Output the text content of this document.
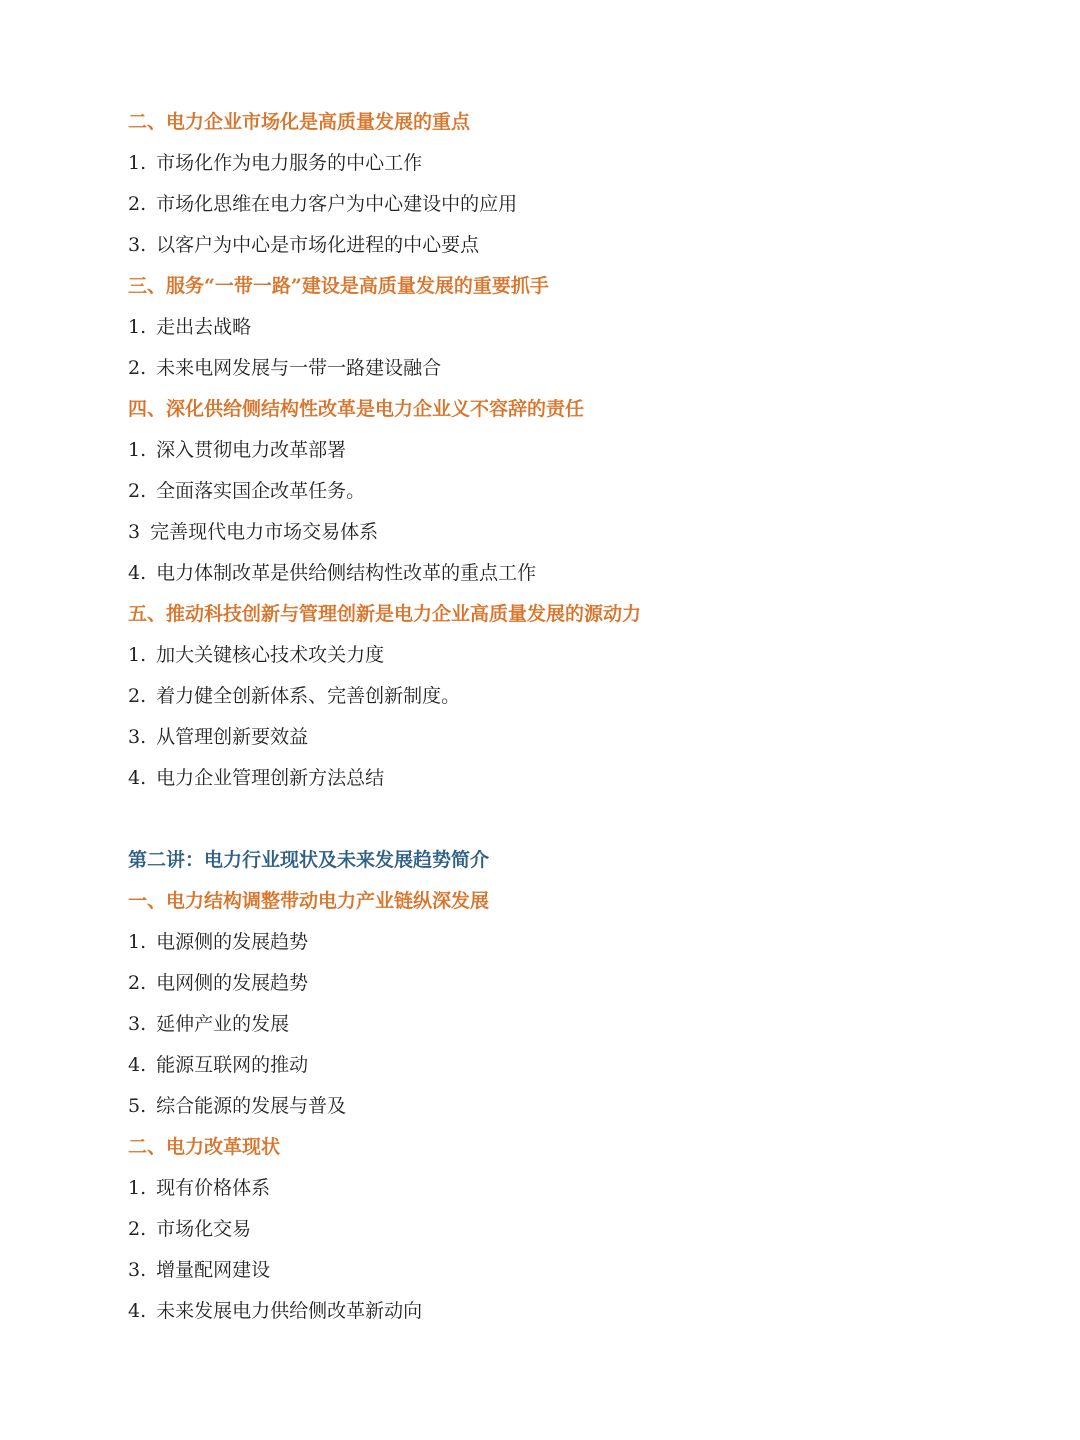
二、电力企业市场化是高质量发展的重点
1. 市场化作为电力服务的中心工作
2. 市场化思维在电力客户为中心建设中的应用
3. 以客户为中心是市场化进程的中心要点
三、服务“一带一路”建设是高质量发展的重要抓手
1. 走出去战略
2. 未来电网发展与一带一路建设融合
四、深化供给侧结构性改革是电力企业义不容辞的责任
1. 深入贯彻电力改革部署
2. 全面落实国企改革任务。
3 完善现代电力市场交易体系
4. 电力体制改革是供给侧结构性改革的重点工作
五、推动科技创新与管理创新是电力企业高质量发展的源动力
1. 加大关键核心技术攻关力度
2. 着力健全创新体系、完善创新制度。
3. 从管理创新要效益
4. 电力企业管理创新方法总结
第二讲：电力行业现状及未来发展趋势简介
一、电力结构调整带动电力产业链纵深发展
1. 电源侧的发展趋势
2. 电网侧的发展趋势
3. 延伸产业的发展
4. 能源互联网的推动
5. 综合能源的发展与普及
二、电力改革现状
1. 现有价格体系
2. 市场化交易
3. 增量配网建设
4. 未来发展电力供给侧改革新动向
